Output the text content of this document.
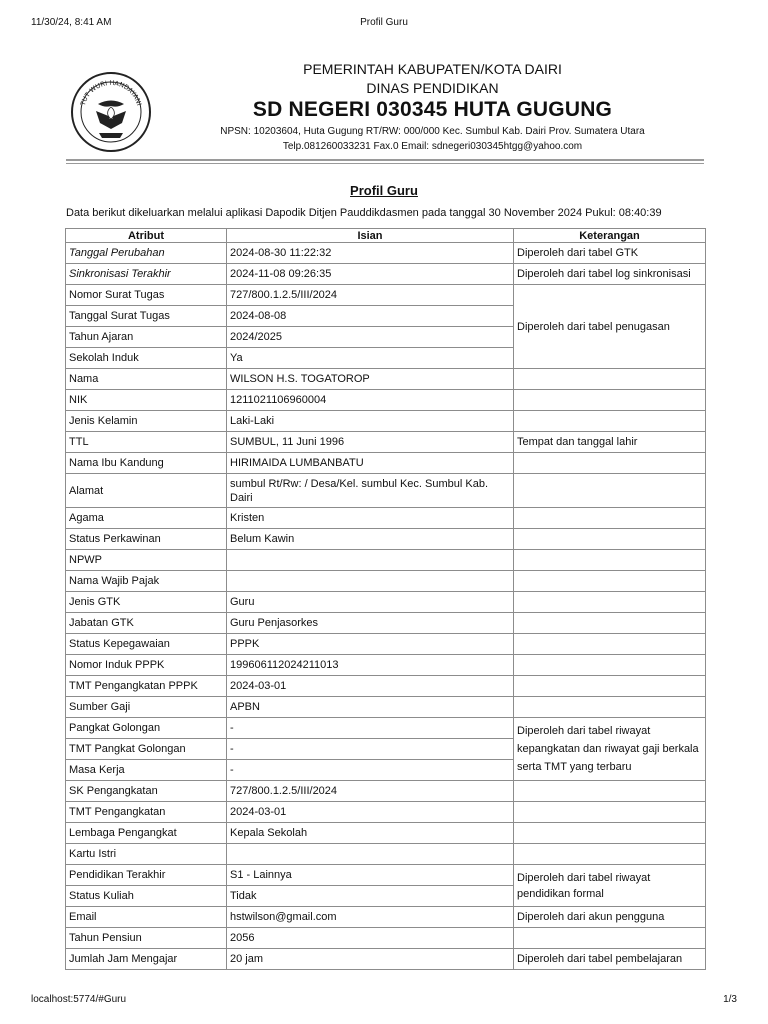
11/30/24, 8:41 AM	Profil Guru
TUT WURI HANDAYANI
PEMERINTAH KABUPATEN/KOTA DAIRI
DINAS PENDIDIKAN
SD NEGERI 030345 HUTA GUGUNG
NPSN: 10203604, Huta Gugung RT/RW: 000/000 Kec. Sumbul Kab. Dairi Prov. Sumatera Utara
Telp.081260033231 Fax.0 Email: sdnegeri030345htgg@yahoo.com
Profil Guru
Data berikut dikeluarkan melalui aplikasi Dapodik Ditjen Pauddikdasmen pada tanggal 30 November 2024 Pukul: 08:40:39
Atribut	Isian	Keterangan
Tanggal Perubahan	2024-08-30 11:22:32	Diperoleh dari tabel GTK
Sinkronisasi Terakhir	2024-11-08 09:26:35	Diperoleh dari tabel log sinkronisasi
Nomor Surat Tugas	727/800.1.2.5/III/2024	Diperoleh dari tabel penugasan
Tanggal Surat Tugas	2024-08-08	
Tahun Ajaran	2024/2025	
Sekolah Induk	Ya	
Nama	WILSON H.S. TOGATOROP	
NIK	1211021106960004	
Jenis Kelamin	Laki-Laki	
TTL	SUMBUL, 11 Juni 1996	Tempat dan tanggal lahir
Nama Ibu Kandung	HIRIMAIDA LUMBANBATU	
Alamat	sumbul Rt/Rw: / Desa/Kel. sumbul Kec. Sumbul Kab. Dairi	
Agama	Kristen	
Status Perkawinan	Belum Kawin	
NPWP		
Nama Wajib Pajak		
Jenis GTK	Guru	
Jabatan GTK	Guru Penjasorkes	
Status Kepegawaian	PPPK	
Nomor Induk PPPK	199606112024211013	
TMT Pengangkatan PPPK	2024-03-01	
Sumber Gaji	APBN	
Pangkat Golongan	-	Diperoleh dari tabel riwayat kepangkatan dan riwayat gaji berkala serta TMT yang terbaru
TMT Pangkat Golongan	-	
Masa Kerja	-	
SK Pengangkatan	727/800.1.2.5/III/2024	
TMT Pengangkatan	2024-03-01	
Lembaga Pengangkat	Kepala Sekolah	
Kartu Istri		
Pendidikan Terakhir	S1 - Lainnya	Diperoleh dari tabel riwayat pendidikan formal
Status Kuliah	Tidak	
Email	hstwilson@gmail.com	Diperoleh dari akun pengguna
Tahun Pensiun	2056	
Jumlah Jam Mengajar	20 jam	Diperoleh dari tabel pembelajaran
localhost:5774/#Guru	1/3
